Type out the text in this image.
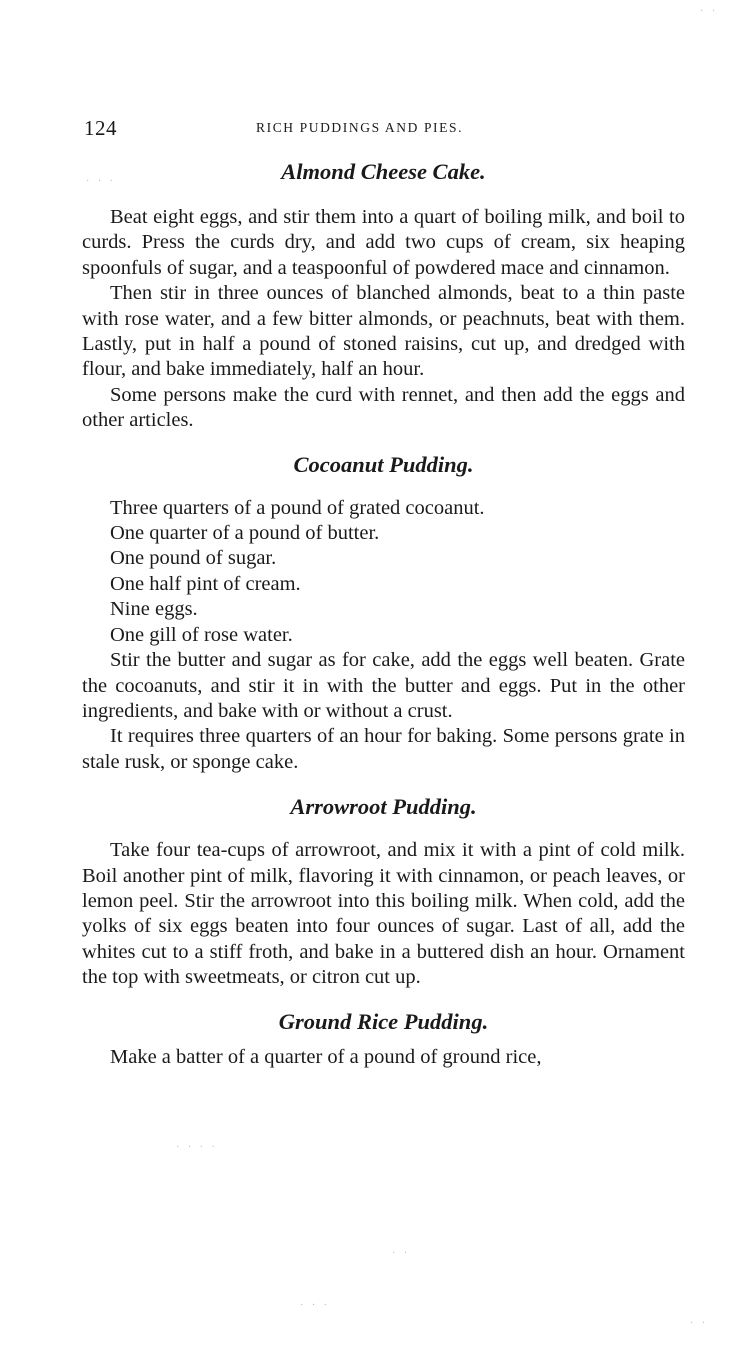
124	RICH PUDDINGS AND PIES.
Almond Cheese Cake.

Beat eight eggs, and stir them into a quart of boiling milk, and boil to curds. Press the curds dry, and add two cups of cream, six heaping spoonfuls of sugar, and a teaspoonful of powdered mace and cinnamon.

Then stir in three ounces of blanched almonds, beat to a thin paste with rose water, and a few bitter almonds, or peachnuts, beat with them. Lastly, put in half a pound of stoned raisins, cut up, and dredged with flour, and bake immediately, half an hour.

Some persons make the curd with rennet, and then add the eggs and other articles.

Cocoanut Pudding.

Three quarters of a pound of grated cocoanut.

One quarter of a pound of butter.

One pound of sugar.

One half pint of cream.

Nine eggs.

One gill of rose water.

Stir the butter and sugar as for cake, add the eggs well beaten. Grate the cocoanuts, and stir it in with the butter and eggs. Put in the other ingredients, and bake with or without a crust.

It requires three quarters of an hour for baking. Some persons grate in stale rusk, or sponge cake.

Arrowroot Pudding.

Take four tea-cups of arrowroot, and mix it with a pint of cold milk. Boil another pint of milk, flavoring it with cinnamon, or peach leaves, or lemon peel. Stir the arrowroot into this boiling milk. When cold, add the yolks of six eggs beaten into four ounces of sugar. Last of all, add the whites cut to a stiff froth, and bake in a buttered dish an hour. Ornament the top with sweetmeats, or citron cut up.

Ground Rice Pudding.

Make a batter of a quarter of a pound of ground rice,

· · ·
· · · ·
· ·
· · ·
· ·
· ·
